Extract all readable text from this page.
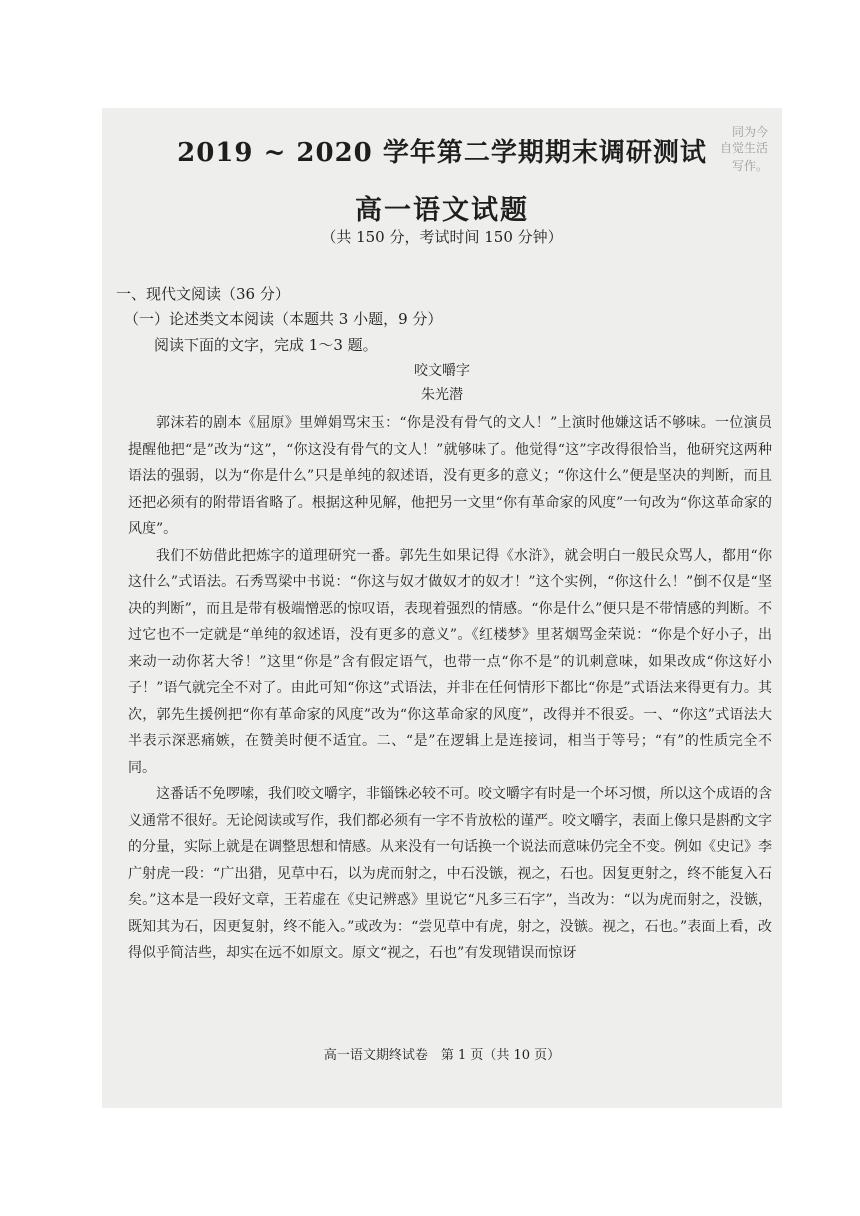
同为今
自觉生活
写作。
2019 ~ 2020 学年第二学期期末调研测试
高一语文试题
（共 150 分，考试时间 150 分钟）
一、现代文阅读（36 分）
（一）论述类文本阅读（本题共 3 小题，9 分）
阅读下面的文字，完成 1～3 题。
咬文嚼字
朱光潜

郭沫若的剧本《屈原》里婵娟骂宋玉：“你是没有骨气的文人！”上演时他嫌这话不够味。一位演员提醒他把“是”改为“这”，“你这没有骨气的文人！”就够味了。他觉得“这”字改得很恰当，他研究这两种语法的强弱，以为“你是什么”只是单纯的叙述语，没有更多的意义；“你这什么”便是坚决的判断，而且还把必须有的附带语省略了。根据这种见解，他把另一文里“你有革命家的风度”一句改为“你这革命家的风度”。

我们不妨借此把炼字的道理研究一番。郭先生如果记得《水浒》，就会明白一般民众骂人，都用“你这什么”式语法。石秀骂梁中书说：“你这与奴才做奴才的奴才！”这个实例，“你这什么！”倒不仅是“坚决的判断”，而且是带有极端憎恶的惊叹语，表现着强烈的情感。“你是什么”便只是不带情感的判断。不过它也不一定就是“单纯的叙述语，没有更多的意义”。《红楼梦》里茗烟骂金荣说：“你是个好小子，出来动一动你茗大爷！”这里“你是”含有假定语气，也带一点“你不是”的讥刺意味，如果改成“你这好小子！”语气就完全不对了。由此可知“你这”式语法，并非在任何情形下都比“你是”式语法来得更有力。其次，郭先生援例把“你有革命家的风度”改为“你这革命家的风度”，改得并不很妥。一、“你这”式语法大半表示深恶痛嫉，在赞美时便不适宜。二、“是”在逻辑上是连接词，相当于等号；“有”的性质完全不同。

这番话不免啰嗦，我们咬文嚼字，非锱铢必较不可。咬文嚼字有时是一个坏习惯，所以这个成语的含义通常不很好。无论阅读或写作，我们都必须有一字不肯放松的谨严。咬文嚼字，表面上像只是斟酌文字的分量，实际上就是在调整思想和情感。从来没有一句话换一个说法而意味仍完全不变。例如《史记》李广射虎一段：“广出猎，见草中石，以为虎而射之，中石没镞，视之，石也。因复更射之，终不能复入石矣。”这本是一段好文章，王若虚在《史记辨惑》里说它“凡多三石字”，当改为：“以为虎而射之，没镞，既知其为石，因更复射，终不能入。”或改为：“尝见草中有虎，射之，没镞。视之，石也。”表面上看，改得似乎简洁些，却实在远不如原文。原文“视之，石也”有发现错误而惊讶

高一语文期终试卷　第 1 页（共 10 页）
